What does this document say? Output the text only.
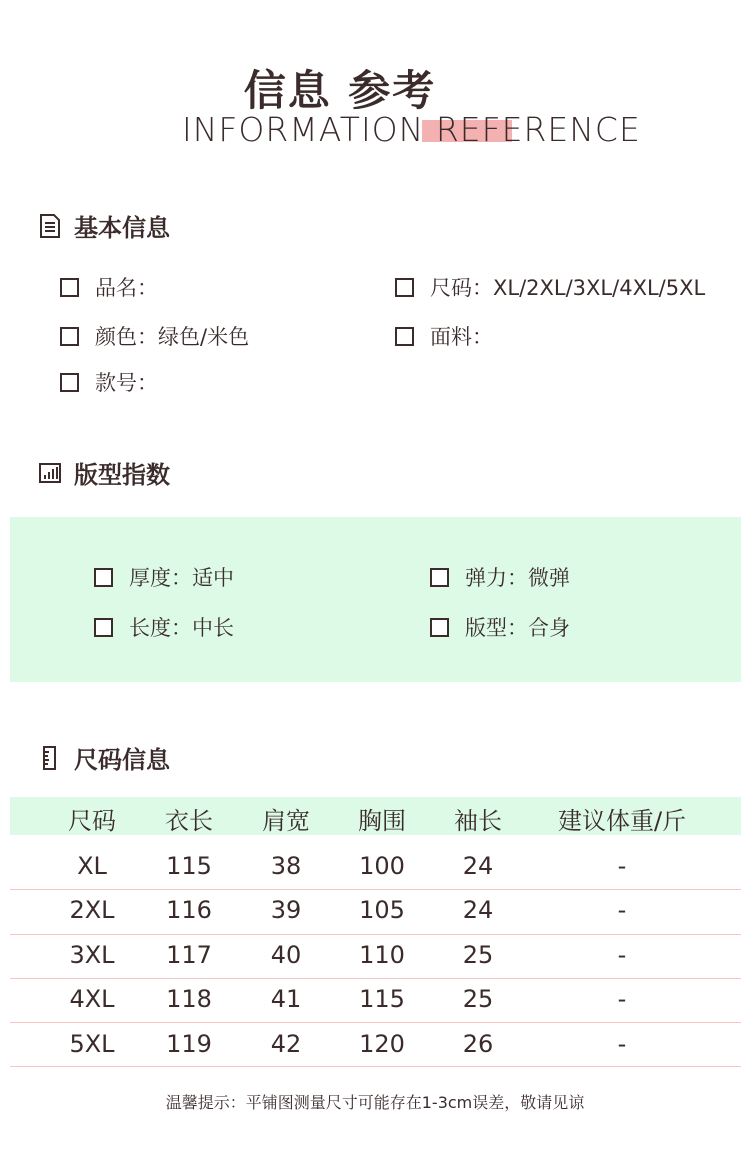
信息 参考
INFORMATION REFERENCE
基本信息
品名：	尺码：XL/2XL/3XL/4XL/5XL
颜色：绿色/米色	面料：
款号：
版型指数
厚度：适中	弹力：微弹
长度：中长	版型：合身
尺码信息
尺码	衣长	肩宽	胸围	袖长	建议体重/斤
XL	115	38	100	24	-
2XL	116	39	105	24	-
3XL	117	40	110	25	-
4XL	118	41	115	25	-
5XL	119	42	120	26	-
温馨提示：平铺图测量尺寸可能存在1-3cm误差，敬请见谅
